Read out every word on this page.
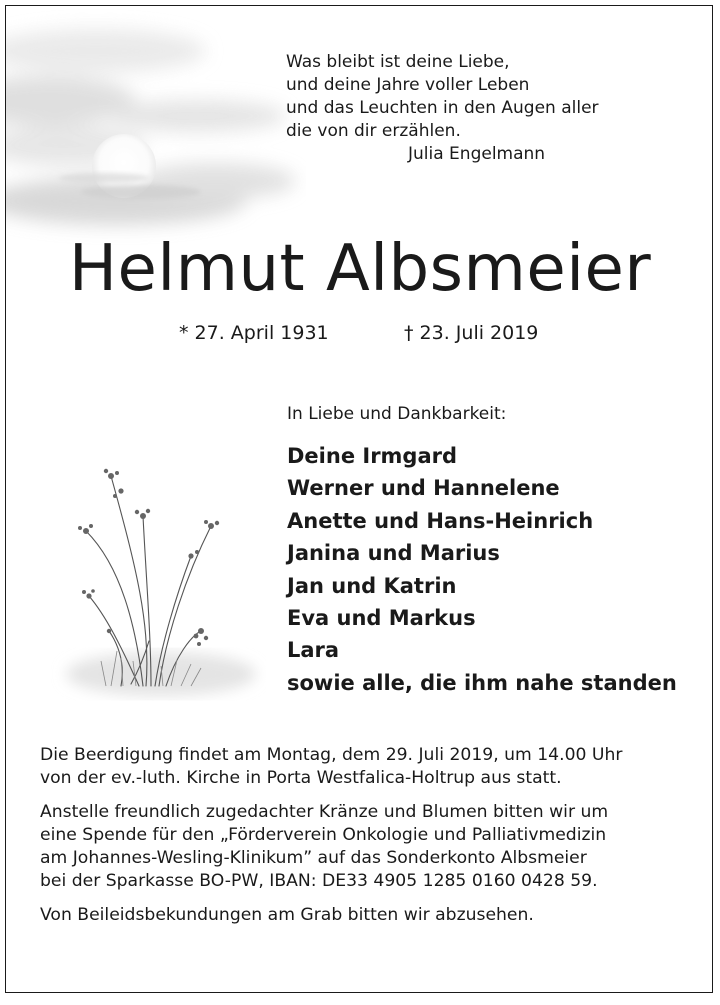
Was bleibt ist deine Liebe,
und deine Jahre voller Leben
und das Leuchten in den Augen aller
die von dir erzählen.
Julia Engelmann
Helmut Albsmeier
* 27. April 1931	† 23. Juli 2019
In Liebe und Dankbarkeit:
Deine Irmgard
Werner und Hannelene
Anette und Hans-Heinrich
Janina und Marius
Jan und Katrin
Eva und Markus
Lara
sowie alle, die ihm nahe standen
Die Beerdigung findet am Montag, dem 29. Juli 2019, um 14.00 Uhr
von der ev.-luth. Kirche in Porta Westfalica-Holtrup aus statt.
Anstelle freundlich zugedachter Kränze und Blumen bitten wir um
eine Spende für den „Förderverein Onkologie und Palliativmedizin
am Johannes-Wesling-Klinikum” auf das Sonderkonto Albsmeier
bei der Sparkasse BO-PW, IBAN: DE33 4905 1285 0160 0428 59.
Von Beileidsbekundungen am Grab bitten wir abzusehen.
